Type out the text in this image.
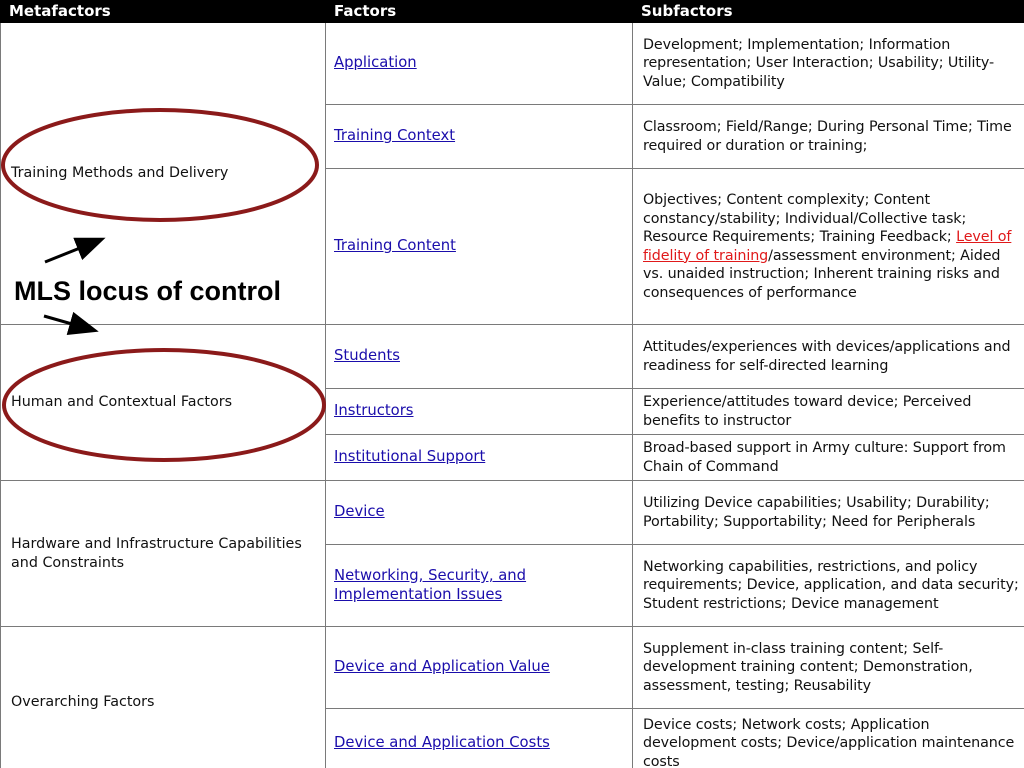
Metafactors	Factors	Subfactors
Training Methods and Delivery	Application	Development; Implementation; Information representation; User Interaction; Usability; Utility-Value; Compatibility
	Training Context	Classroom; Field/Range; During Personal Time; Time required or duration or training;
	Training Content	Objectives; Content complexity; Content constancy/stability; Individual/Collective task; Resource Requirements; Training Feedback; Level of fidelity of training/assessment environment; Aided vs. unaided instruction; Inherent training risks and consequences of performance
Human and Contextual Factors	Students	Attitudes/experiences with devices/applications and readiness for self-directed learning
	Instructors	Experience/attitudes toward device; Perceived benefits to instructor
	Institutional Support	Broad-based support in Army culture: Support from Chain of Command
Hardware and Infrastructure Capabilities and Constraints	Device	Utilizing Device capabilities; Usability; Durability; Portability; Supportability; Need for Peripherals
	Networking, Security, and Implementation Issues	Networking capabilities, restrictions, and policy requirements; Device, application, and data security; Student restrictions; Device management
Overarching Factors	Device and Application Value	Supplement in-class training content; Self-development training content; Demonstration, assessment, testing; Reusability
	Device and Application Costs	Device costs; Network costs; Application development costs; Device/application maintenance costs
MLS locus of control
